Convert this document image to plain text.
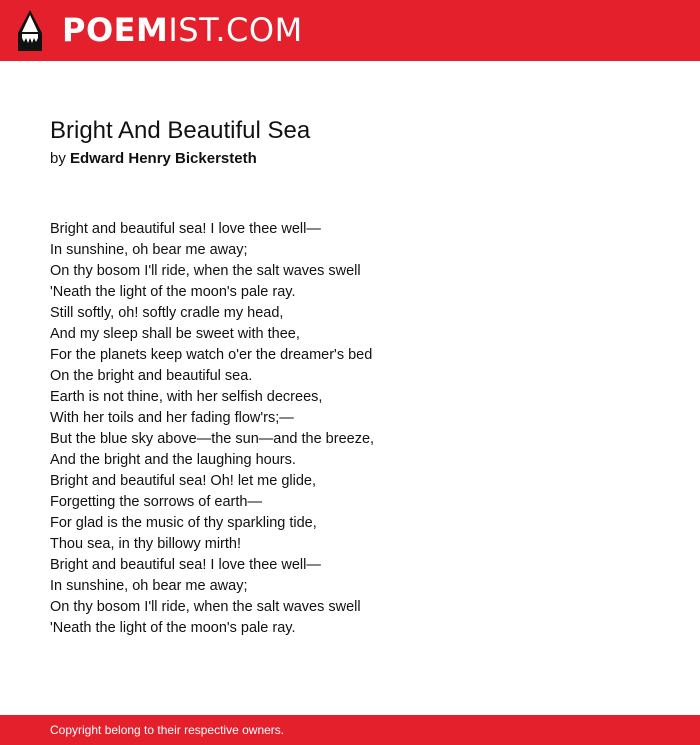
POEMIST.COM
Bright And Beautiful Sea
by Edward Henry Bickersteth
Bright and beautiful sea! I love thee well—
In sunshine, oh bear me away;
On thy bosom I'll ride, when the salt waves swell
'Neath the light of the moon's pale ray.
Still softly, oh! softly cradle my head,
And my sleep shall be sweet with thee,
For the planets keep watch o'er the dreamer's bed
On the bright and beautiful sea.
Earth is not thine, with her selfish decrees,
With her toils and her fading flow'rs;—
But the blue sky above—the sun—and the breeze,
And the bright and the laughing hours.
Bright and beautiful sea! Oh! let me glide,
Forgetting the sorrows of earth—
For glad is the music of thy sparkling tide,
Thou sea, in thy billowy mirth!
Bright and beautiful sea! I love thee well—
In sunshine, oh bear me away;
On thy bosom I'll ride, when the salt waves swell
'Neath the light of the moon's pale ray.
Copyright belong to their respective owners.
